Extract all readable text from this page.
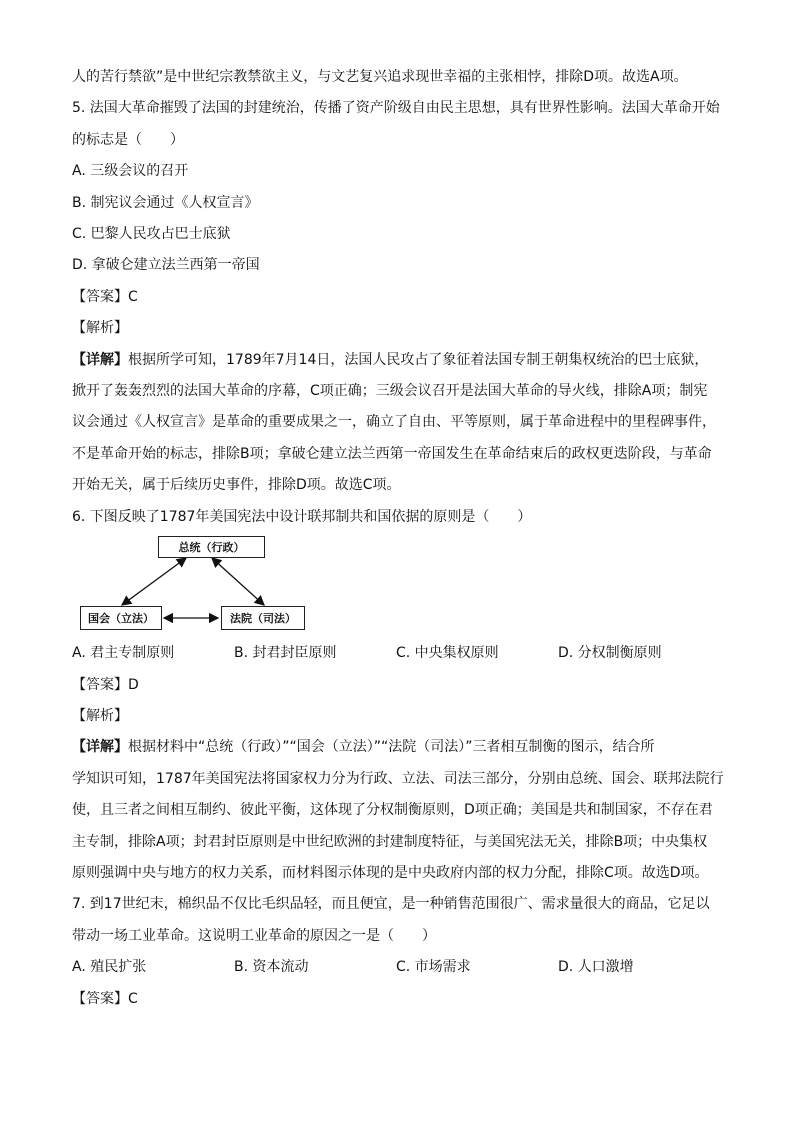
人的苦行禁欲”是中世纪宗教禁欲主义，与文艺复兴追求现世幸福的主张相悖，排除D项。故选A项。
5. 法国大革命摧毁了法国的封建统治，传播了资产阶级自由民主思想，具有世界性影响。法国大革命开始
的标志是（　　）
A. 三级会议的召开
B. 制宪议会通过《人权宣言》
C. 巴黎人民攻占巴士底狱
D. 拿破仑建立法兰西第一帝国
【答案】C
【解析】
【详解】根据所学可知，1789年7月14日，法国人民攻占了象征着法国专制王朝集权统治的巴士底狱，
掀开了轰轰烈烈的法国大革命的序幕，C项正确；三级会议召开是法国大革命的导火线，排除A项；制宪
议会通过《人权宣言》是革命的重要成果之一，确立了自由、平等原则，属于革命进程中的里程碑事件，
不是革命开始的标志，排除B项；拿破仑建立法兰西第一帝国发生在革命结束后的政权更迭阶段，与革命
开始无关，属于后续历史事件，排除D项。故选C项。
6. 下图反映了1787年美国宪法中设计联邦制共和国依据的原则是（　　）
总统（行政）
国会（立法）	法院（司法）
A. 君主专制原则	B. 封君封臣原则	C. 中央集权原则	D. 分权制衡原则
【答案】D
【解析】
【详解】根据材料中“总统（行政）”“国会（立法）”“法院（司法）”三者相互制衡的图示，结合所
学知识可知，1787年美国宪法将国家权力分为行政、立法、司法三部分，分别由总统、国会、联邦法院行
使，且三者之间相互制约、彼此平衡，这体现了分权制衡原则，D项正确；美国是共和制国家，不存在君
主专制，排除A项；封君封臣原则是中世纪欧洲的封建制度特征，与美国宪法无关，排除B项；中央集权
原则强调中央与地方的权力关系，而材料图示体现的是中央政府内部的权力分配，排除C项。故选D项。
7. 到17世纪末，棉织品不仅比毛织品轻，而且便宜，是一种销售范围很广、需求量很大的商品，它足以
带动一场工业革命。这说明工业革命的原因之一是（　　）
A. 殖民扩张	B. 资本流动	C. 市场需求	D. 人口激增
【答案】C
